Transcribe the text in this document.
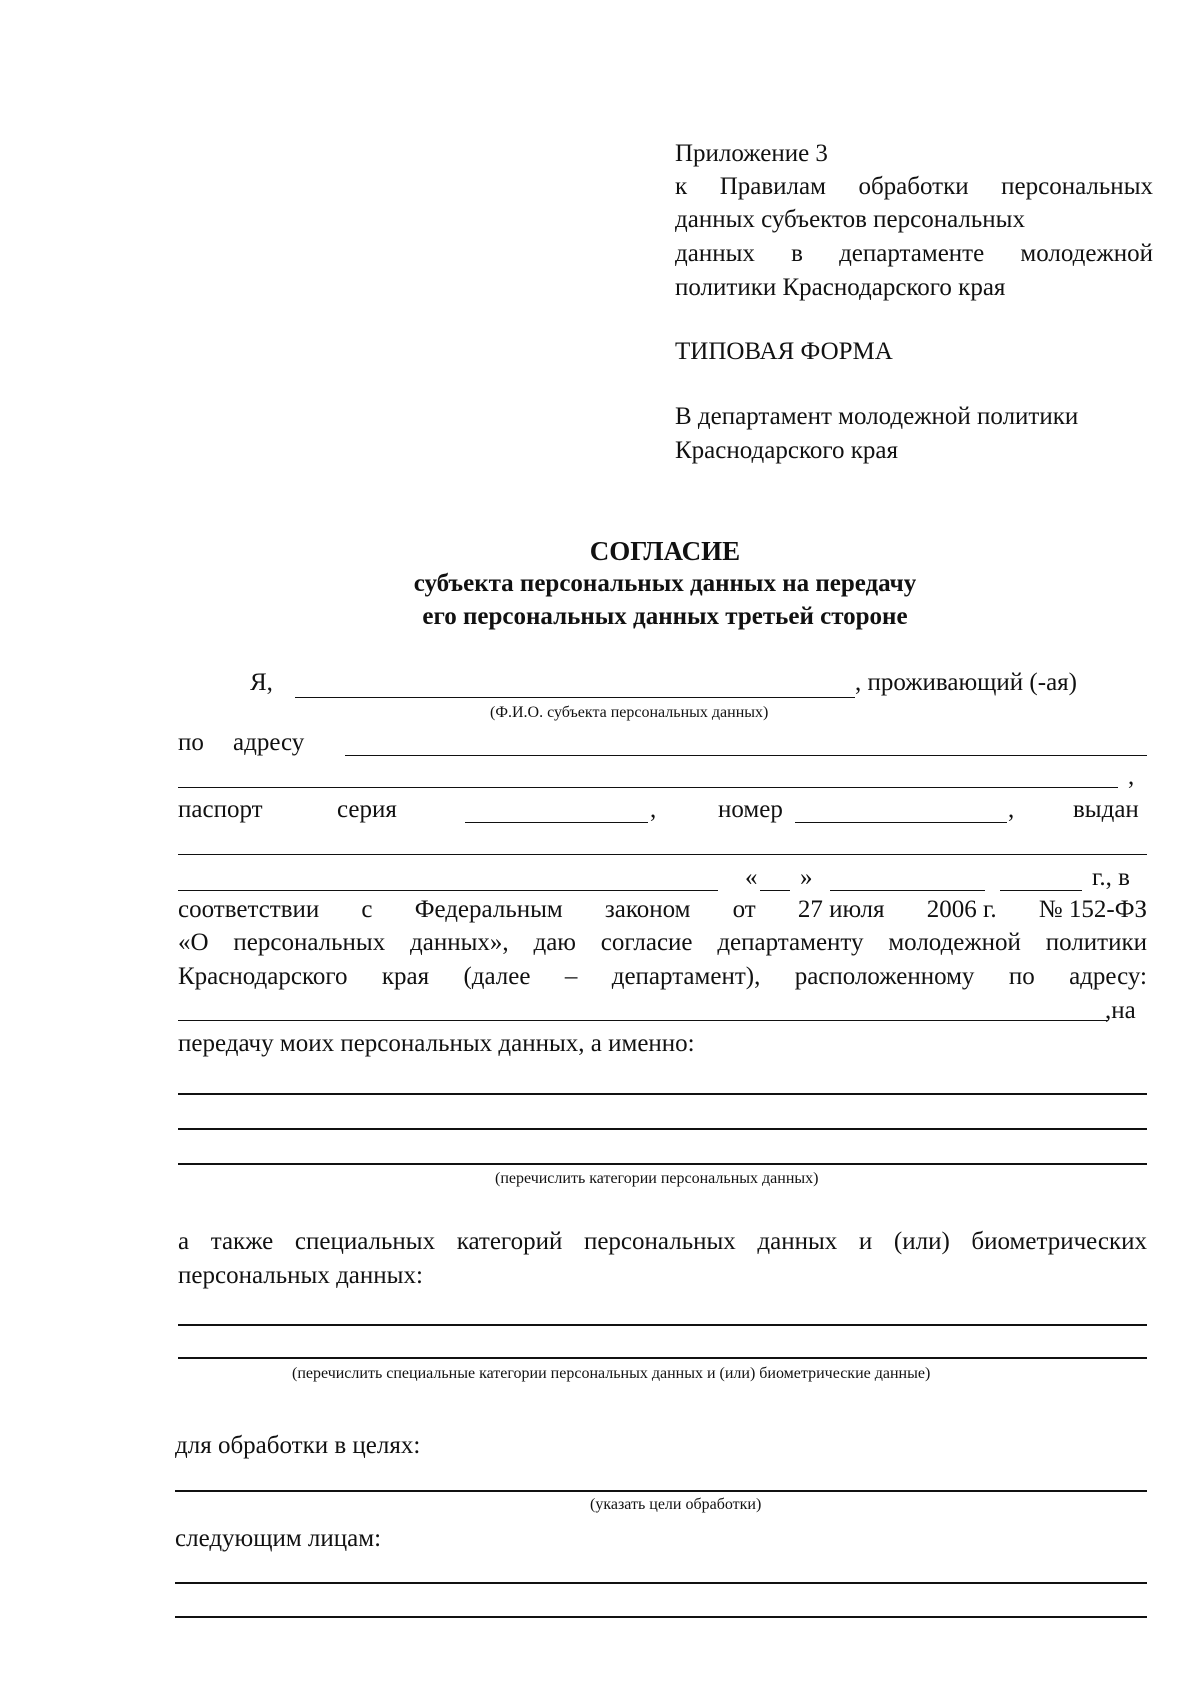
Приложение 3
к Правилам обработки персональных
данных субъектов персональных
данных в департаменте молодежной
политики Краснодарского края
ТИПОВАЯ ФОРМА
В департамент молодежной политики
Краснодарского края
СОГЛАСИЕ
субъекта персональных данных на передачу
его персональных данных третьей стороне
Я,	, проживающий (-ая)
(Ф.И.О. субъекта персональных данных)
по адресу
,
паспорт	серия	, номер	, выдан
« »	г., в
соответствии с Федеральным законом от 27 июля 2006 г. № 152-ФЗ
«О персональных данных», даю согласие департаменту молодежной политики
Краснодарского края (далее – департамент), расположенному по адресу:
,на
передачу моих персональных данных, а именно:
(перечислить категории персональных данных)
а также специальных категорий персональных данных и (или) биометрических
персональных данных:
(перечислить специальные категории персональных данных и (или) биометрические данные)
для обработки в целях:
(указать цели обработки)
следующим лицам:
